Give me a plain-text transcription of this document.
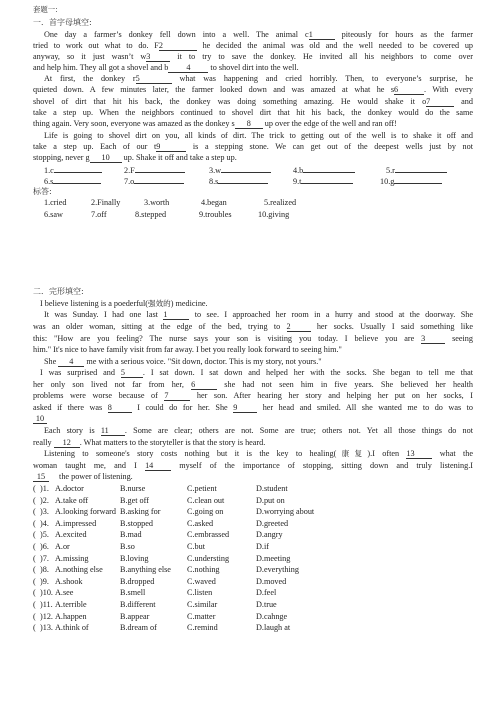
套题一:
一．首字母填空:
One day a farmer’s donkey fell down into a well. The animal c1	piteously for hours as the farmer
tried to work out what to do. F2	he decided the animal was old and the well needed to be covered up
anyway, so it just wasn’t w3 it to try to save the donkey. He invited all his neighbors to come over
and help him. They all got a shovel and b 4 to shovel dirt into the well.
At first, the donkey r5	what was happening and cried horribly. Then, to everyone’s surprise, he
quieted down. A few minutes later, the farmer looked down and was amazed at what he s6	. With every
shovel of dirt that hit his back, the donkey was doing something amazing. He would shake it o7	and
take a step up. When the neighbors continued to shovel dirt that hit his back, the donkey would do the same
thing again. Very soon, everyone was amazed as the donkey s 8 up over the edge of the well and ran off!
Life is going to shovel dirt on you, all kinds of dirt. The trick to getting out of the well is to shake it off and
take a step up. Each of our t9	is a stepping stone. We can get out of the deepest wells just by not
stopping, never g 10 up. Shake it off and take a step up.
1.c	2.F	3.w	4.b	5.r
6.s	7.o	8.s	9.t	10.g
标答:
1.cried	2.Finally	3.worth	4.began	5.realized
6.saw	7.off	8.stepped	9.troubles	10.giving
二．完形填空:
I believe listening is a poederful(强效的) medicine.
It was Sunday. I had one last 1	to see. I approached her room in a hurry and stood at the doorway. She
was an older woman, sitting at the edge of the bed, trying to 2 her socks. Usually I said something like
this: "How are you feeling? The nurse says your son is visiting you today. I believe you are 3 seeing
him." It's nice to have family visit from far away. I bet you really look forward to seeing him."
She 4 me with a serious voice. "Sit down, doctor. This is my story, not yours."
I was surprised and 5 . I sat down. I sat down and helped her with the socks. She began to tell me that
her only son lived not far from her, 6	she had not seen him in five years. She believed her health
problems were worse because of 7	her son. After hearing her story and helping her put on her socks, I
asked if there was 8 I could do for her. She 9 her head and smiled. All she wanted me to do was to
10
Each story is 11 . Some are clear; others are not. Some are true; others not. Yet all those things do not
really 12 . What matters to the storyteller is that the story is heard.
Listening to someone's story costs nothing but it is the key to healing(康复).I often 13 what the
woman taught me, and I 14 myself of the importance of stopping, sitting down and truly listening.I
15 the power of listening.
( )1. A.doctor	B.nurse	C.petient	D.student
( )2. A.take off	B.get off	C.clean out	D.put on
( )3. A.looking forward B.asking for	C.going on	D.worrying about
( )4. A.impressed	B.stopped	C.asked	D.greeted
( )5. A.excited	B.mad	C.embrassed	D.angry
( )6. A.or	B.so	C.but	D.if
( )7. A.missing	B.loving	C.understing	D.meeting
( )8. A.nothing else B.anything else C.nothing	D.everything
( )9. A.shook	B.dropped	C.waved	D.moved
( )10. A.see	B.smell	C.listen	D.feel
( )11. A.terrible	B.different	C.similar	D.true
( )12. A.happen	B.appear	C.matter	D.cahnge
( )13. A.think of	B.dream of	C.remind	D.laugh at
